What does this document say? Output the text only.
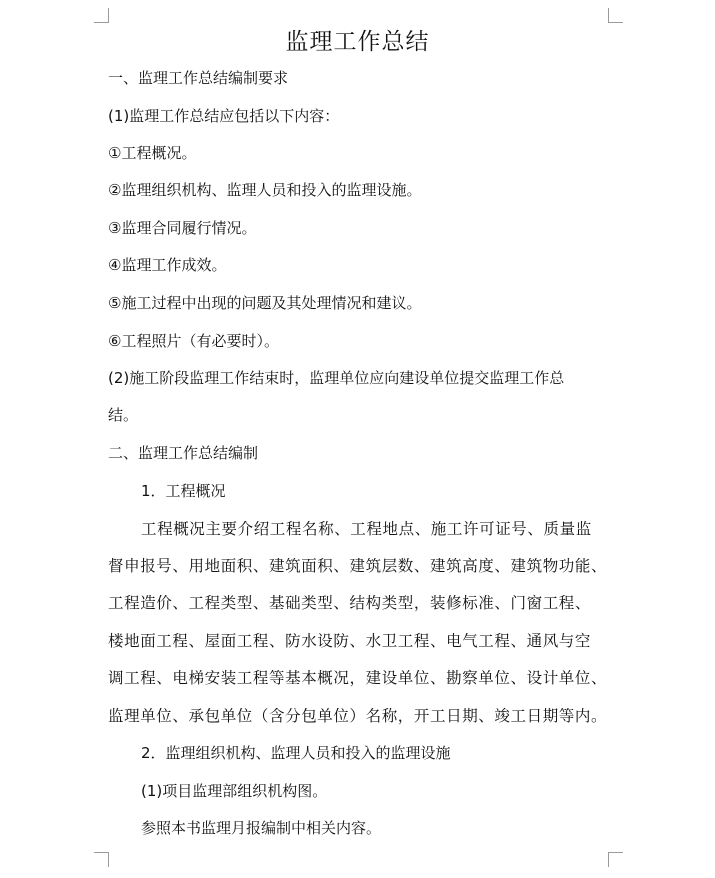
监理工作总结
一、监理工作总结编制要求
(1)监理工作总结应包括以下内容：
①工程概况。
②监理组织机构、监理人员和投入的监理设施。
③监理合同履行情况。
④监理工作成效。
⑤施工过程中出现的问题及其处理情况和建议。
⑥工程照片（有必要时）。
(2)施工阶段监理工作结束时，监理单位应向建设单位提交监理工作总
结。
二、监理工作总结编制
1．工程概况
工程概况主要介绍工程名称、工程地点、施工许可证号、质量监
督申报号、用地面积、建筑面积、建筑层数、建筑高度、建筑物功能、
工程造价、工程类型、基础类型、结构类型，装修标准、门窗工程、
楼地面工程、屋面工程、防水设防、水卫工程、电气工程、通风与空
调工程、电梯安装工程等基本概况，建设单位、勘察单位、设计单位、
监理单位、承包单位（含分包单位）名称，开工日期、竣工日期等内。
2．监理组织机构、监理人员和投入的监理设施
(1)项目监理部组织机构图。
参照本书监理月报编制中相关内容。
